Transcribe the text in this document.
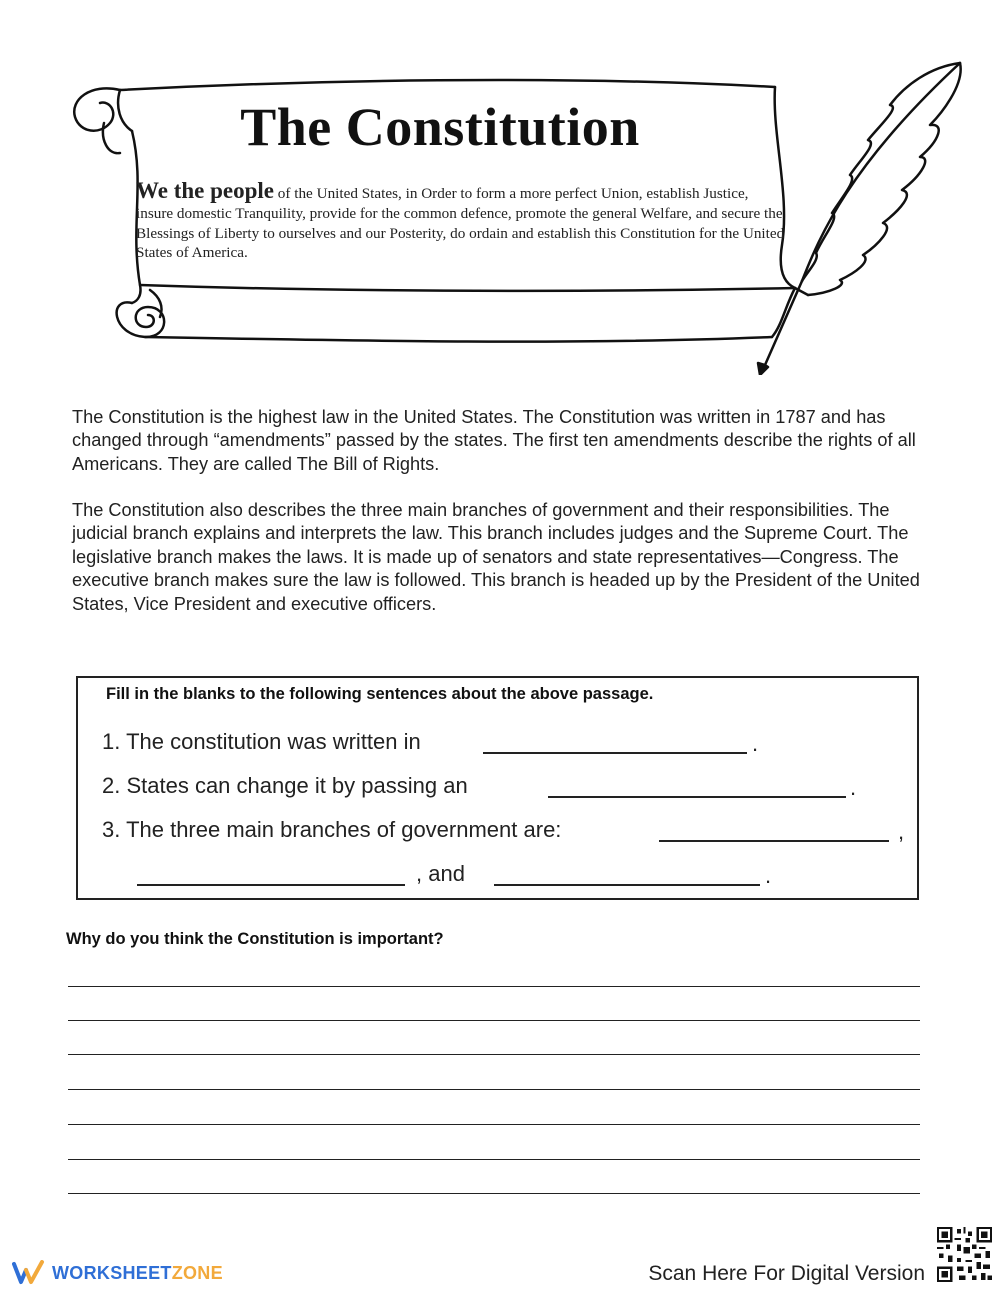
The Constitution
We the people of the United States, in Order to form a more perfect Union, establish Justice, insure domestic Tranquility, provide for the common defence, promote the general Welfare, and secure the Blessings of Liberty to ourselves and our Posterity, do ordain and establish this Constitution for the United States of America.
The Constitution is the highest law in the United States. The Constitution was written in 1787 and has changed through “amendments” passed by the states. The first ten amendments describe the rights of all Americans. They are called The Bill of Rights.
The Constitution also describes the three main branches of government and their responsibilities. The judicial branch explains and interprets the law. This branch includes judges and the Supreme Court. The legislative branch makes the laws. It is made up of senators and state representatives—Congress. The executive branch makes sure the law is followed. This branch is headed up by the President of the United States, Vice President and executive officers.
Fill in the blanks to the following sentences about the above passage.
1. The constitution was written in	.
2. States can change it by passing an	.
3. The three main branches of government are:	,
, and	.
Why do you think the Constitution is important?
WORKSHEETZONE	Scan Here For Digital Version
